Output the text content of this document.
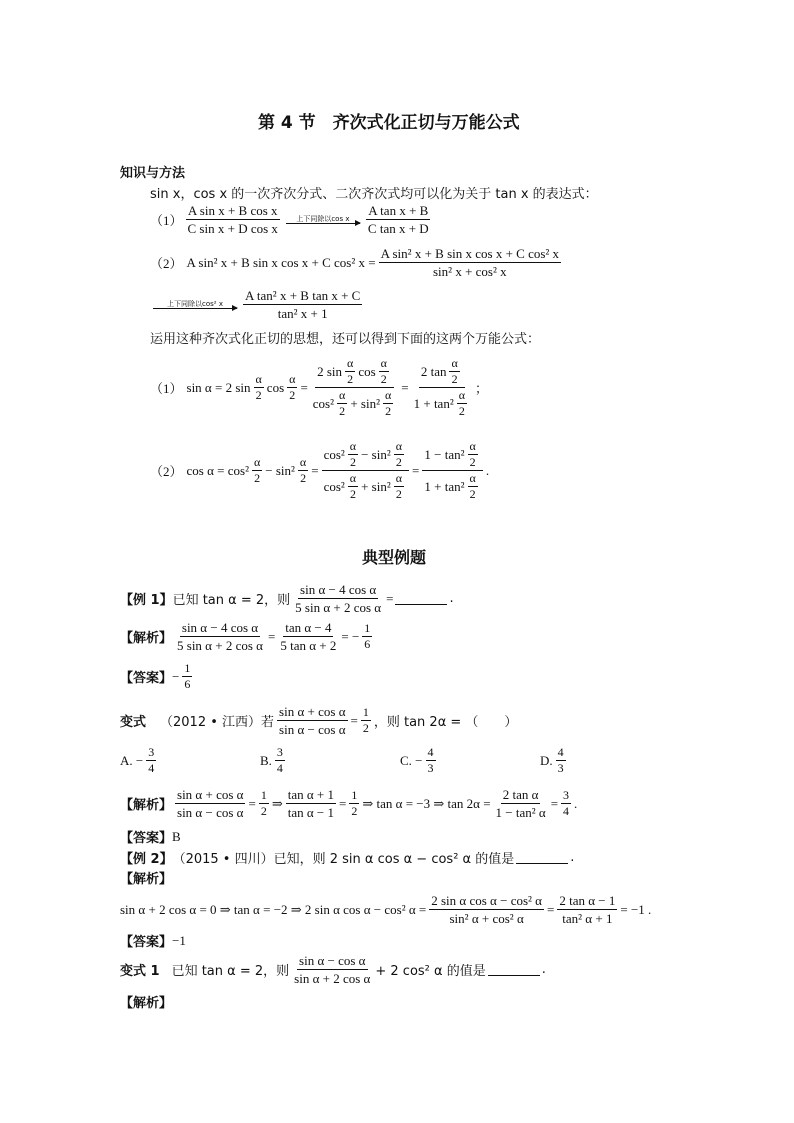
第 4 节　齐次式化正切与万能公式
知识与方法
sin x，cos x 的一次齐次分式、二次齐次式均可以化为关于 tan x 的表达式：
$(1) \frac{\text{A sin x + B cos x}}{\text{C sin x + D cos x}}$ 上下同除以cos x $\frac{\text{A tan x + B}}{\text{C tan x + D}}$
（2） A sin² x + B sin x cos x + C cos² $x = \frac{\text{A sin² x + B sin x cos x + C cos² x}}{\text{sin² x + cos² x}}$
上下同除以cos² x $\frac{\text{A tan² x + B tan x + C}}{\text{tan² x + 1}}$
运用这种齐次式化正切的思想，还可以得到下面的这两个万能公式：
（1） sin α = 2 $\sin \frac{\alpha}{2}$ $\cos \frac{\alpha}{2} = \frac{2 \sin \frac{\alpha}{2} \cos \frac{\alpha}{2}}{\cos^2 \frac{\alpha}{2} + \sin^2 \frac{\alpha}{2}} = \frac{2 \tan \frac{\alpha}{2}}{1 + \tan^2 \frac{\alpha}{2}}$ ；
（2） $\cos \alpha = \cos^2 \frac{\alpha}{2} - \sin^2 \frac{\alpha}{2} = \frac{\cos^2 \frac{\alpha}{2} - \sin^2 \frac{\alpha}{2}}{\cos^2 \frac{\alpha}{2} + \sin^2 \frac{\alpha}{2}} = \frac{1 - \tan^2 \frac{\alpha}{2}}{1 + \tan^2 \frac{\alpha}{2}}$ .
典型例题
【例 1】 已知 tan α = 2，则 $\frac{\text{sin α − 4 cos α}}{\text{5 sin α + 2 cos α}}$ =	.
【解析】 $\frac{\text{sin α − 4 cos α}}{\text{5 sin α + 2 cos α}} = \frac{\text{tan α − 4}}{\text{5 tan α + 2}}$ = − $\frac{1}{6}$
【答案】 − $\frac{1}{6}$
变式 （2012 • 江西）若 $\frac{\text{sin α + cos α}}{\text{sin α − cos α}} = \frac{1}{2}$ ，则 tan 2α = （　　）
A. − $\frac{3}{4}$	B. $\frac{3}{4}$	C. − $\frac{4}{3}$	D. $\frac{4}{3}$
【解析】 $\frac{\text{sin α + cos α}}{\text{sin α − cos α}} = \frac{1}{2}$ ⇒ $\frac{\text{tan α + 1}}{\text{tan α − 1}} = \frac{1}{2}$ ⇒ tan α = −3 ⇒ $\tan 2\alpha = \frac{\text{2 tan α}}{\text{1 − tan² α}} = \frac{3}{4}$ .
【答案】 B
【例 2】 （2015 • 四川）已知，则 2 sin α cos α − cos² α 的值是	.
【解析】
sin α + 2 cos α = 0 ⇒ tan α = −2 ⇒ 2 sin α cos α − cos² $\alpha = \frac{\text{2 sin α cos α − cos² α}}{\text{sin² α + cos² α}} = \frac{\text{2 tan α − 1}}{\text{tan² α + 1}} = -1$ .
【答案】 −1
变式 1 已知 tan α = 2，则 $\frac{\text{sin α − cos α}}{\text{sin α + 2 cos α}} + 2$ cos² α 的值是	.
【解析】
